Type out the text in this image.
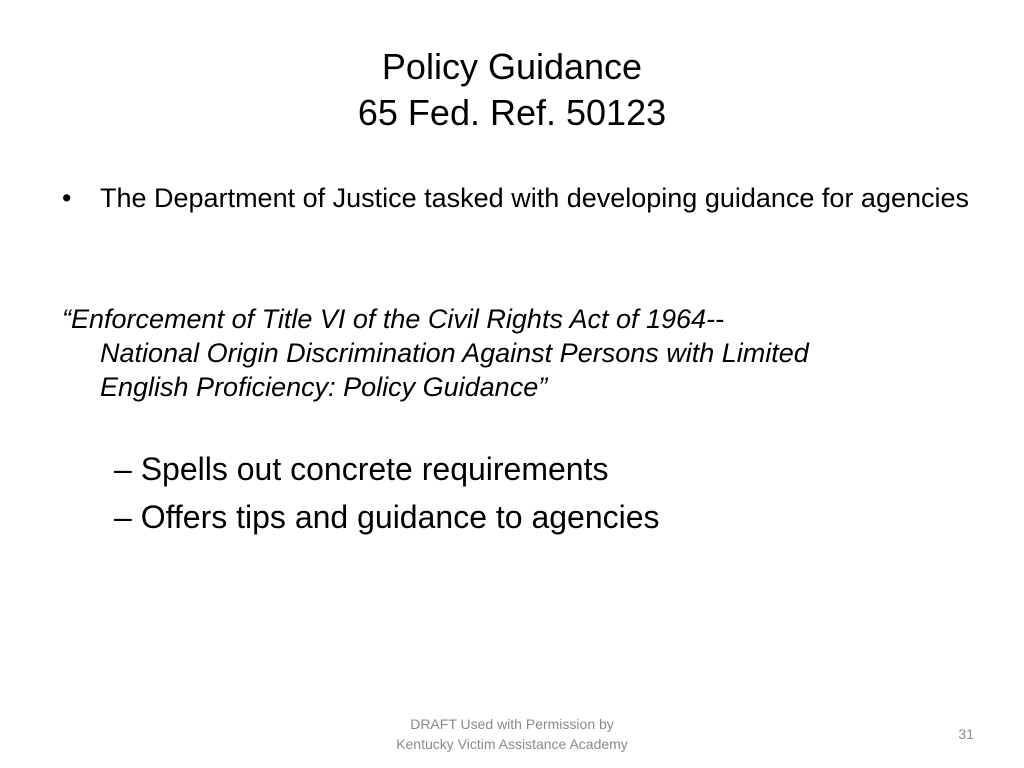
Policy Guidance
65 Fed. Ref. 50123
• The Department of Justice tasked with developing guidance for agencies
“Enforcement of Title VI of the Civil Rights Act of 1964--
National Origin Discrimination Against Persons with Limited
English Proficiency: Policy Guidance”
– Spells out concrete requirements
– Offers tips and guidance to agencies
DRAFT Used with Permission by
Kentucky Victim Assistance Academy
31
